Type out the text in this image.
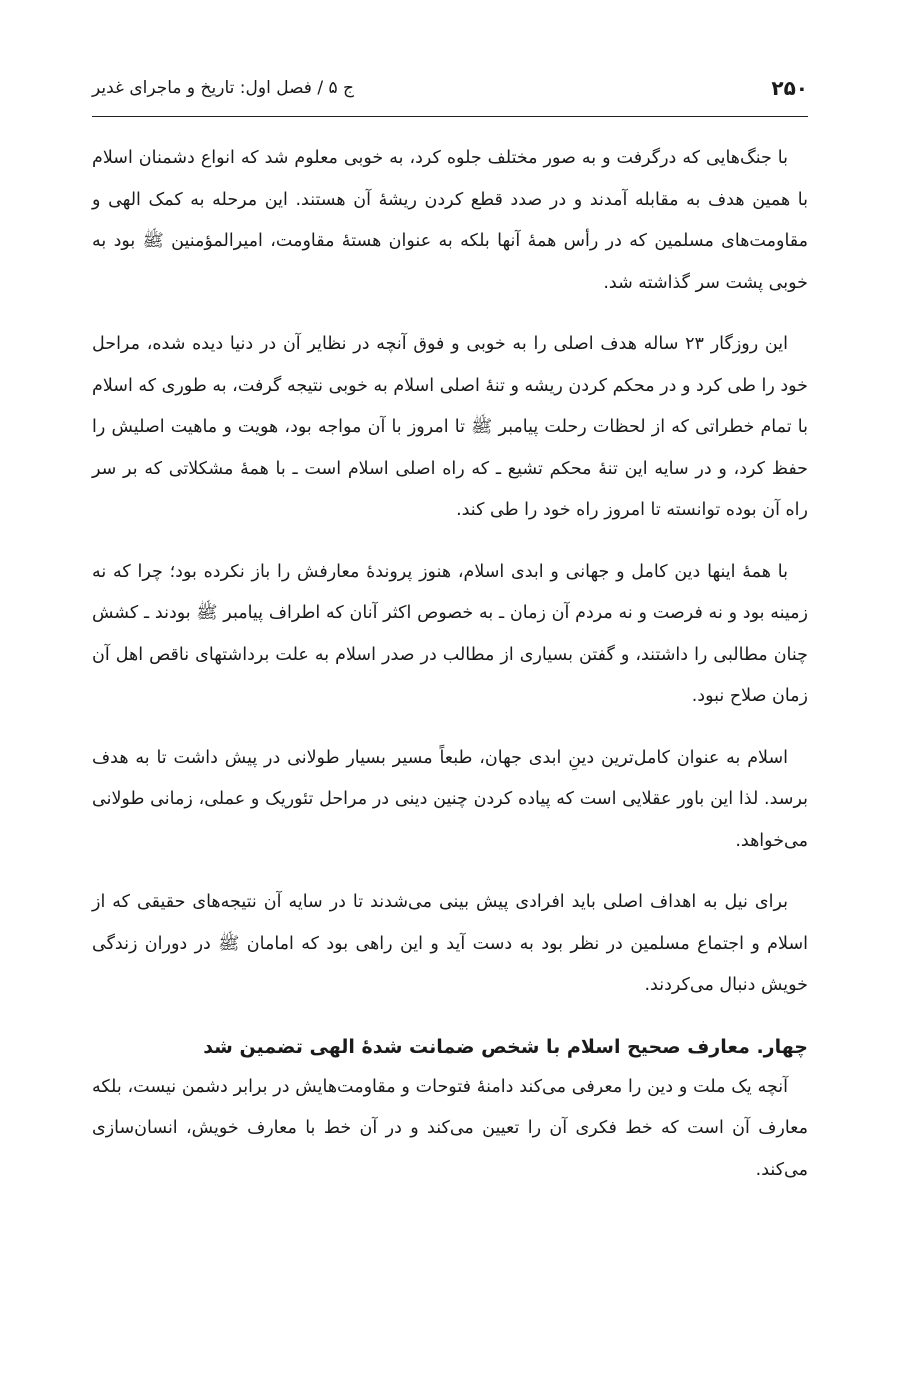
۲۵۰
ج ۵ / فصل اول: تاریخ و ماجرای غدیر

با جنگ‌هایی که درگرفت و به صور مختلف جلوه کرد، به خوبی معلوم شد که انواع دشمنان اسلام با همین هدف به مقابله آمدند و در صدد قطع کردن ریشهٔ آن هستند. این مرحله به کمک الهی و مقاومت‌های مسلمین که در رأس همهٔ آنها بلکه به عنوان هستهٔ مقاومت، امیرالمؤمنین ﷺ بود به خوبی پشت سر گذاشته شد.

این روزگار ۲۳ ساله هدف اصلی را به خوبی و فوق آنچه در نظایر آن در دنیا دیده شده، مراحل خود را طی کرد و در محکم کردن ریشه و تنهٔ اصلی اسلام به خوبی نتیجه گرفت، به طوری که اسلام با تمام خطراتی که از لحظات رحلت پیامبر ﷺ تا امروز با آن مواجه بود، هویت و ماهیت اصلیش را حفظ کرد، و در سایه این تنهٔ محکم تشیع ـ که راه اصلی اسلام است ـ با همهٔ مشکلاتی که بر سر راه آن بوده توانسته تا امروز راه خود را طی کند.

با همهٔ اینها دین کامل و جهانی و ابدی اسلام، هنوز پروندهٔ معارفش را باز نکرده بود؛ چرا که نه زمینه بود و نه فرصت و نه مردم آن زمان ـ به خصوص اکثر آنان که اطراف پیامبر ﷺ بودند ـ کشش چنان مطالبی را داشتند، و گفتن بسیاری از مطالب در صدر اسلام به علت برداشتهای ناقص اهل آن زمان صلاح نبود.

اسلام به عنوان کامل‌ترین دینِ ابدی جهان، طبعاً مسیر بسیار طولانی در پیش داشت تا به هدف برسد. لذا این باور عقلایی است که پیاده کردن چنین دینی در مراحل تئوریک و عملی، زمانی طولانی می‌خواهد.

برای نیل به اهداف اصلی باید افرادی پیش بینی می‌شدند تا در سایه آن نتیجه‌های حقیقی که از اسلام و اجتماع مسلمین در نظر بود به دست آید و این راهی بود که امامان ﷺ در دوران زندگی خویش دنبال می‌کردند.

چهار. معارف صحیح اسلام با شخص ضمانت شدهٔ الهی تضمین شد

آنچه یک ملت و دین را معرفی می‌کند دامنهٔ فتوحات و مقاومت‌هایش در برابر دشمن نیست، بلکه معارف آن است که خط فکری آن را تعیین می‌کند و در آن خط با معارف خویش، انسان‌سازی می‌کند.
